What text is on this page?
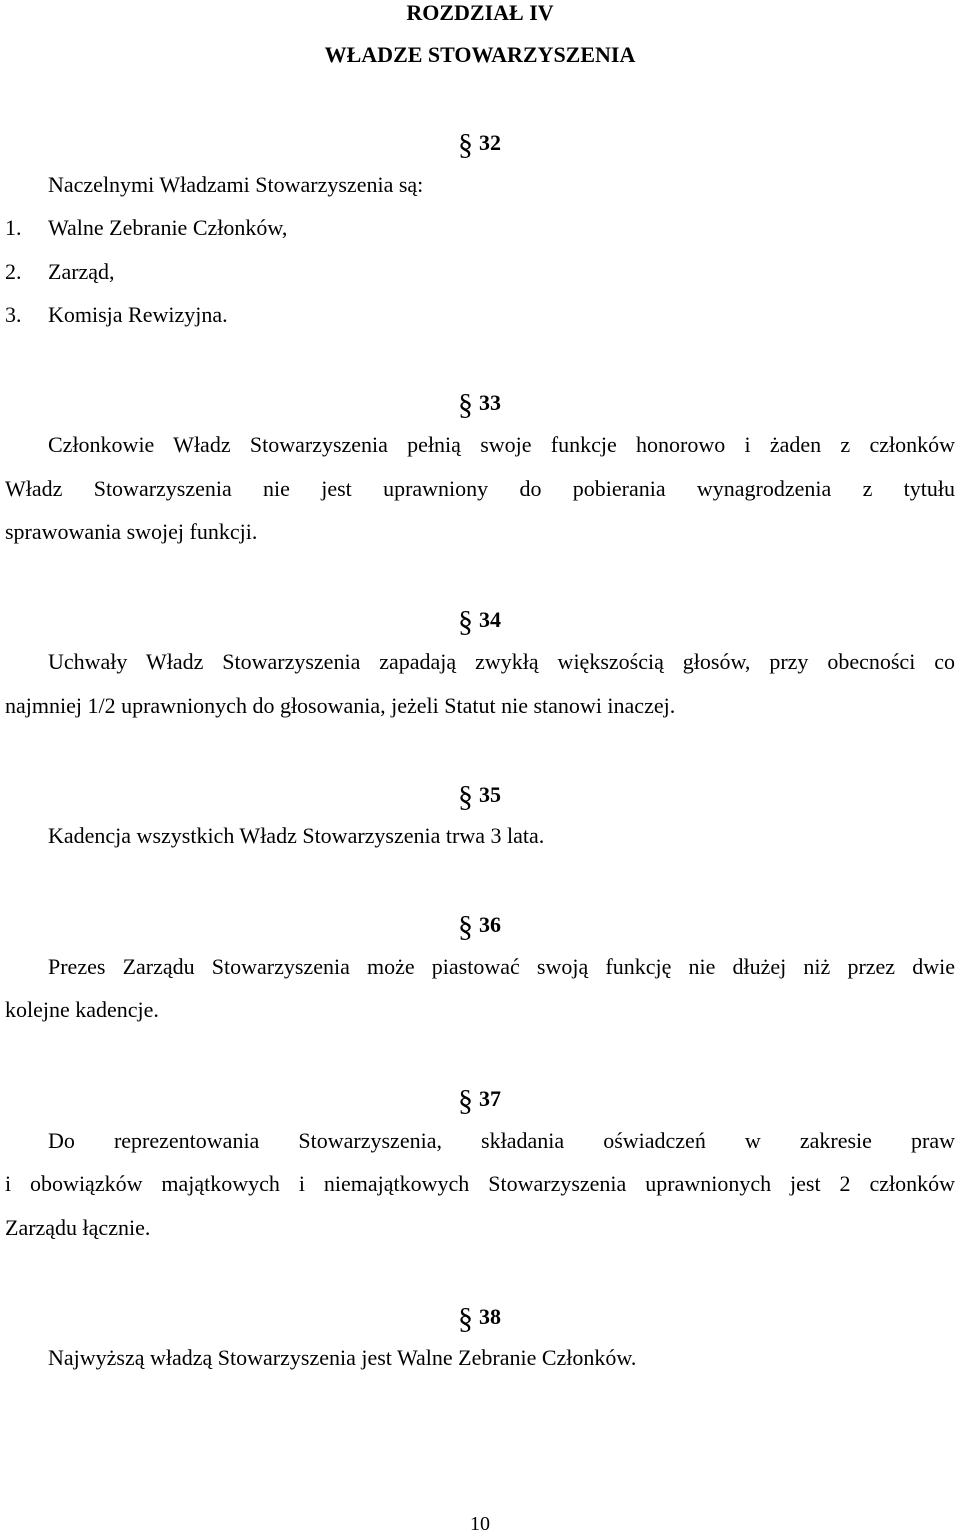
ROZDZIAŁ IV
WŁADZE STOWARZYSZENIA
§ 32
Naczelnymi Władzami Stowarzyszenia są:
1. Walne Zebranie Członków,
2. Zarząd,
3. Komisja Rewizyjna.
§ 33
Członkowie Władz Stowarzyszenia pełnią swoje funkcje honorowo i żaden z członków
Władz Stowarzyszenia nie jest uprawniony do pobierania wynagrodzenia z tytułu
sprawowania swojej funkcji.
§ 34
Uchwały Władz Stowarzyszenia zapadają zwykłą większością głosów, przy obecności co
najmniej 1/2 uprawnionych do głosowania, jeżeli Statut nie stanowi inaczej.
§ 35
Kadencja wszystkich Władz Stowarzyszenia trwa 3 lata.
§ 36
Prezes Zarządu Stowarzyszenia może piastować swoją funkcję nie dłużej niż przez dwie
kolejne kadencje.
§ 37
Do reprezentowania Stowarzyszenia, składania oświadczeń w zakresie praw
i obowiązków majątkowych i niemajątkowych Stowarzyszenia uprawnionych jest 2 członków
Zarządu łącznie.
§ 38
Najwyższą władzą Stowarzyszenia jest Walne Zebranie Członków.
10
